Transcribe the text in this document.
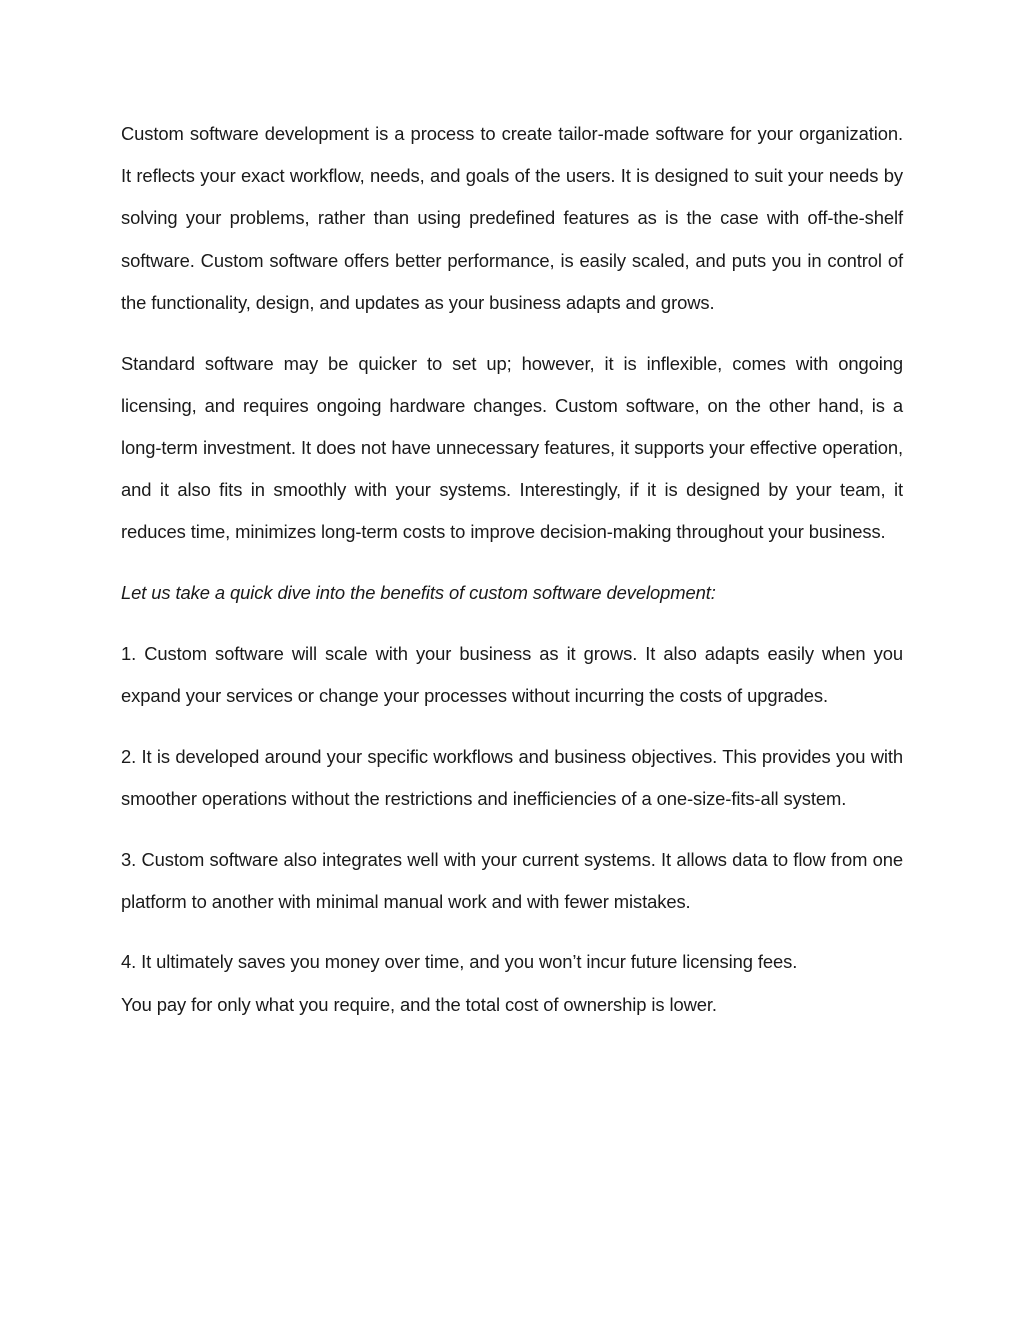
Custom software development is a process to create tailor-made software for your organization. It reflects your exact workflow, needs, and goals of the users. It is designed to suit your needs by solving your problems, rather than using predefined features as is the case with off-the-shelf software. Custom software offers better performance, is easily scaled, and puts you in control of the functionality, design, and updates as your business adapts and grows.

Standard software may be quicker to set up; however, it is inflexible, comes with ongoing licensing, and requires ongoing hardware changes. Custom software, on the other hand, is a long-term investment. It does not have unnecessary features, it supports your effective operation, and it also fits in smoothly with your systems. Interestingly, if it is designed by your team, it reduces time, minimizes long-term costs to improve decision-making throughout your business.

Let us take a quick dive into the benefits of custom software development:

1. Custom software will scale with your business as it grows. It also adapts easily when you expand your services or change your processes without incurring the costs of upgrades.

2. It is developed around your specific workflows and business objectives. This provides you with smoother operations without the restrictions and inefficiencies of a one-size-fits-all system.

3. Custom software also integrates well with your current systems. It allows data to flow from one platform to another with minimal manual work and with fewer mistakes.

4. It ultimately saves you money over time, and you won’t incur future licensing fees.
You pay for only what you require, and the total cost of ownership is lower.
